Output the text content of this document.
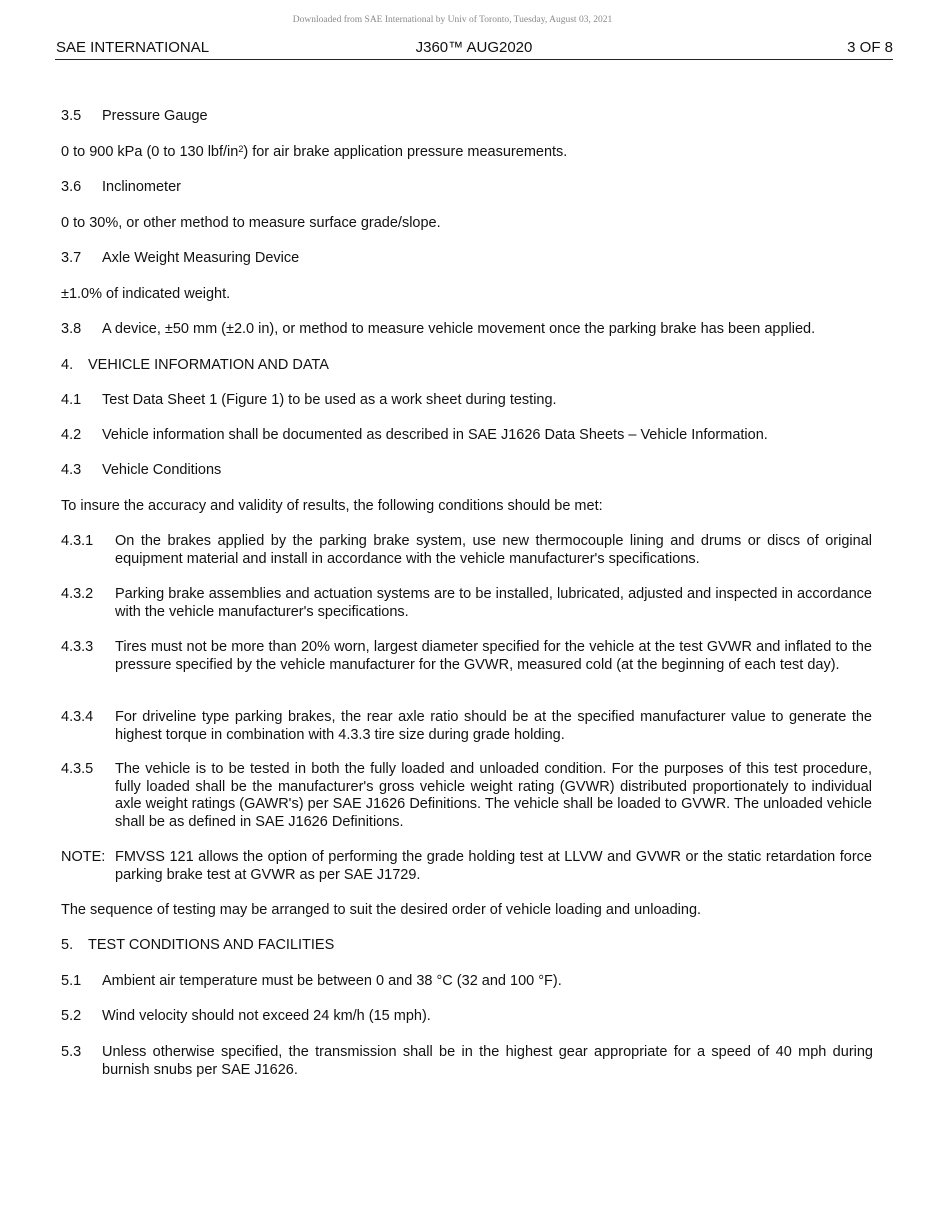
Downloaded from SAE International by Univ of Toronto, Tuesday, August 03, 2021
SAE INTERNATIONAL	J360™ AUG2020	3 OF 8
3.5 Pressure Gauge
0 to 900 kPa (0 to 130 lbf/$in^2$) for air brake application pressure measurements.
3.6 Inclinometer
0 to 30%, or other method to measure surface grade/slope.
3.7 Axle Weight Measuring Device
±1.0% of indicated weight.
3.8 A device, ±50 mm (±2.0 in), or method to measure vehicle movement once the parking brake has been applied.
4. VEHICLE INFORMATION AND DATA
4.1 Test Data Sheet 1 (Figure 1) to be used as a work sheet during testing.
4.2 Vehicle information shall be documented as described in SAE J1626 Data Sheets – Vehicle Information.
4.3 Vehicle Conditions
To insure the accuracy and validity of results, the following conditions should be met:
4.3.1 On the brakes applied by the parking brake system, use new thermocouple lining and drums or discs of original equipment material and install in accordance with the vehicle manufacturer's specifications.
4.3.2 Parking brake assemblies and actuation systems are to be installed, lubricated, adjusted and inspected in accordance with the vehicle manufacturer's specifications.
4.3.3 Tires must not be more than 20% worn, largest diameter specified for the vehicle at the test GVWR and inflated to the pressure specified by the vehicle manufacturer for the GVWR, measured cold (at the beginning of each test day).
4.3.4 For driveline type parking brakes, the rear axle ratio should be at the specified manufacturer value to generate the highest torque in combination with 4.3.3 tire size during grade holding.
4.3.5 The vehicle is to be tested in both the fully loaded and unloaded condition. For the purposes of this test procedure, fully loaded shall be the manufacturer's gross vehicle weight rating (GVWR) distributed proportionately to individual axle weight ratings (GAWR's) per SAE J1626 Definitions. The vehicle shall be loaded to GVWR. The unloaded vehicle shall be as defined in SAE J1626 Definitions.
NOTE: FMVSS 121 allows the option of performing the grade holding test at LLVW and GVWR or the static retardation force parking brake test at GVWR as per SAE J1729.
The sequence of testing may be arranged to suit the desired order of vehicle loading and unloading.
5. TEST CONDITIONS AND FACILITIES
5.1 Ambient air temperature must be between 0 and 38 °C (32 and 100 °F).
5.2 Wind velocity should not exceed 24 km/h (15 mph).
5.3 Unless otherwise specified, the transmission shall be in the highest gear appropriate for a speed of 40 mph during burnish snubs per SAE J1626.
